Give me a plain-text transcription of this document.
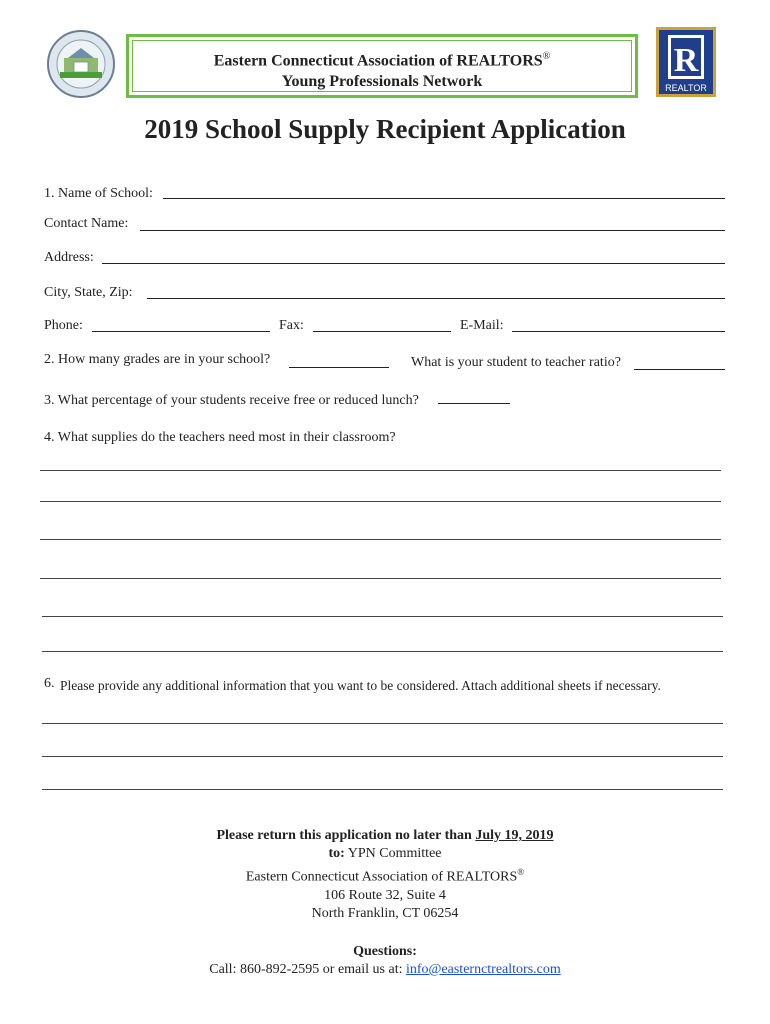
Eastern Connecticut Association of REALTORS®
Young Professionals Network
R
REALTOR
2019 School Supply Recipient Application
1. Name of School:
Contact Name:
Address:
City, State, Zip:
Phone:	Fax:	E-Mail:
2. How many grades are in your school?	What is your student to teacher ratio?
3. What percentage of your students receive free or reduced lunch?
4. What supplies do the teachers need most in their classroom?
6. Please provide any additional information that you want to be considered. Attach additional sheets if necessary.
Please return this application no later than July 19, 2019
to: YPN Committee
Eastern Connecticut Association of REALTORS®
106 Route 32, Suite 4
North Franklin, CT 06254
Questions:
Call: 860-892-2595 or email us at: info@easternctrealtors.com
